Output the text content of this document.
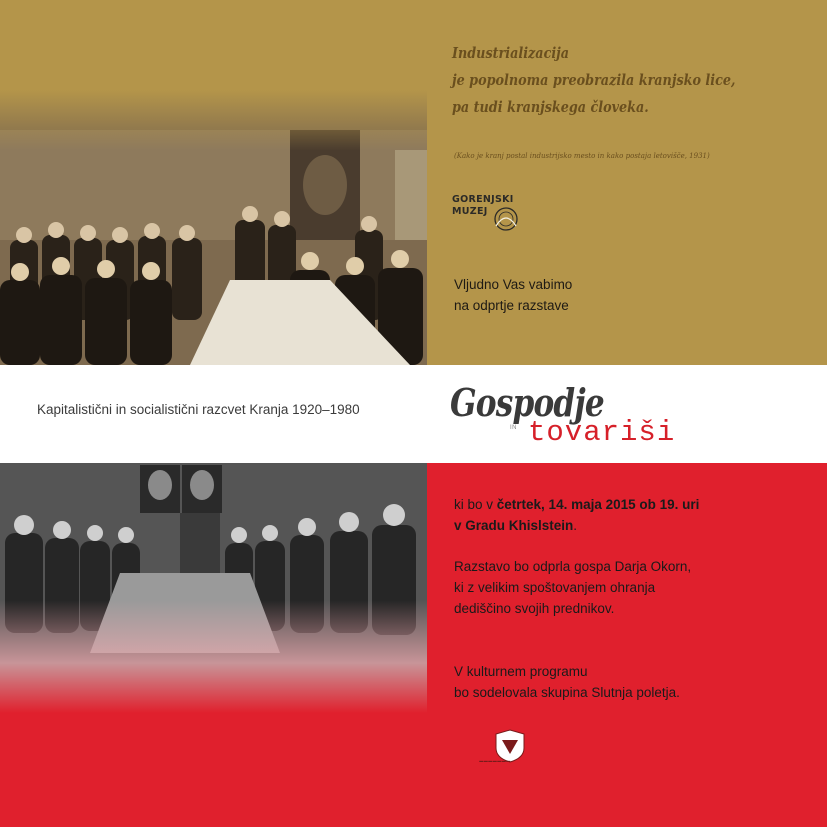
Industrializacija
je popolnoma preobrazila kranjsko lice,
pa tudi kranjskega človeka.
(Kako je kranj postal industrijsko mesto in kako postaja letovišče, 1931)
GORENJSKI
MUZEJ
Vljudno Vas vabimo
na odprtje razstave
Kapitalistični in socialistični razcvet Kranja 1920–1980 Gospodje
IN tovariši

ki bo v četrtek, 14. maja 2015 ob 19. uri
v Gradu Khislstein.

Razstavo bo odprla gospa Darja Okorn,
ki z velikim spoštovanjem ohranja
dediščino svojih prednikov.

V kulturnem programu
bo sodelovala skupina Slutnja poletja.

▬▬▬▬▬▬▬
